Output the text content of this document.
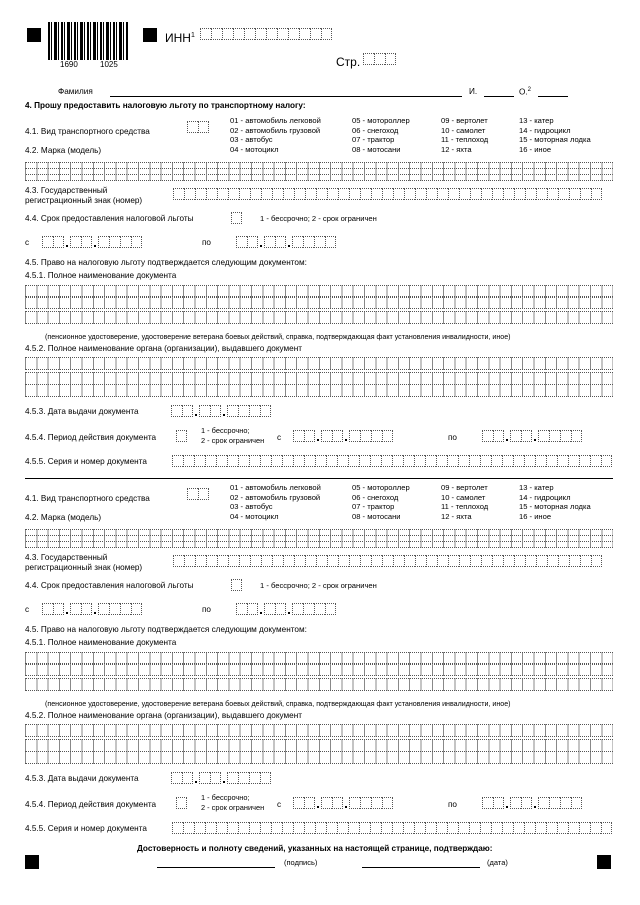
1690	1025
ИНН$^1$
Стр.
Фамилия	И.	О.$^2$
4. Прошу предоставить налоговую льготу по транспортному налогу:
4.1. Вид транспортного средства
01 - автомобиль легковой
02 - автомобиль грузовой
03 - автобус
04 - мотоцикл
05 - мотороллер
06 - снегоход
07 - трактор
08 - мотосани
09 - вертолет
10 - самолет
11 - теплоход
12 - яхта
13 - катер
14 - гидроцикл
15 - моторная лодка
16 - иное
4.2. Марка (модель)
4.3. Государственный
регистрационный знак (номер)
4.4. Срок предоставления налоговой льготы	1 - бессрочно; 2 - срок ограничен
с	по
4.5. Право на налоговую льготу подтверждается следующим документом:
4.5.1. Полное наименование документа
(пенсионное удостоверение, удостоверение ветерана боевых действий, справка, подтверждающая факт установления инвалидности, иное)
4.5.2. Полное наименование органа (организации), выдавшего документ
4.5.3. Дата выдачи документа
4.5.4. Период действия документа
1 - бессрочно;
2 - срок ограничен с	по
4.5.5. Серия и номер документа
4.1. Вид транспортного средства
01 - автомобиль легковой
02 - автомобиль грузовой
03 - автобус
04 - мотоцикл
05 - мотороллер
06 - снегоход
07 - трактор
08 - мотосани
09 - вертолет
10 - самолет
11 - теплоход
12 - яхта
13 - катер
14 - гидроцикл
15 - моторная лодка
16 - иное
4.2. Марка (модель)
4.3. Государственный
регистрационный знак (номер)
4.4. Срок предоставления налоговой льготы	1 - бессрочно; 2 - срок ограничен
с	по
4.5. Право на налоговую льготу подтверждается следующим документом:
4.5.1. Полное наименование документа
(пенсионное удостоверение, удостоверение ветерана боевых действий, справка, подтверждающая факт установления инвалидности, иное)
4.5.2. Полное наименование органа (организации), выдавшего документ
4.5.3. Дата выдачи документа
4.5.4. Период действия документа
1 - бессрочно;
2 - срок ограничен с	по
4.5.5. Серия и номер документа
Достоверность и полноту сведений, указанных на настоящей странице, подтверждаю:
(подпись)	(дата)
